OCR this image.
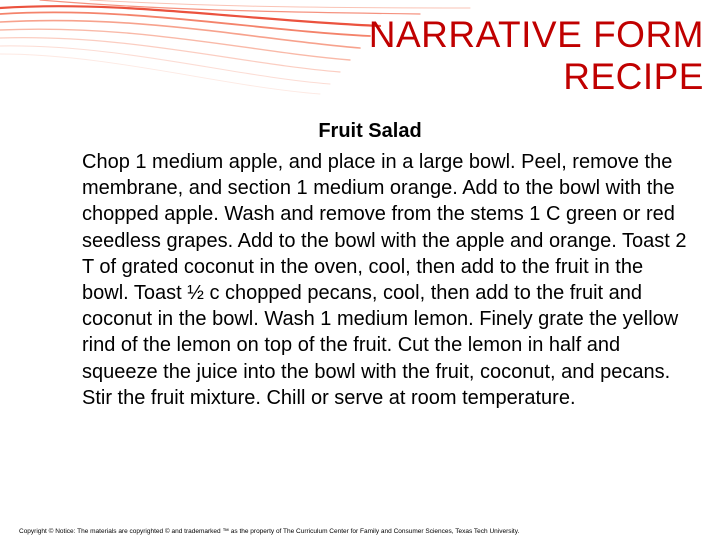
NARRATIVE FORM
RECIPE
Fruit Salad

Chop 1 medium apple, and place in a large bowl. Peel, remove the membrane, and section 1 medium orange. Add to the bowl with the chopped apple. Wash and remove from the stems 1 C green or red seedless grapes. Add to the bowl with the apple and orange. Toast 2 T of grated coconut in the oven, cool, then add to the fruit in the bowl. Toast ½ c chopped pecans, cool, then add to the fruit and coconut in the bowl. Wash 1 medium lemon. Finely grate the yellow rind of the lemon on top of the fruit. Cut the lemon in half and squeeze the juice into the bowl with the fruit, coconut, and pecans. Stir the fruit mixture. Chill or serve at room temperature.

Copyright © Notice: The materials are copyrighted © and trademarked ™ as the property of The Curriculum Center for Family and Consumer Sciences, Texas Tech University.
